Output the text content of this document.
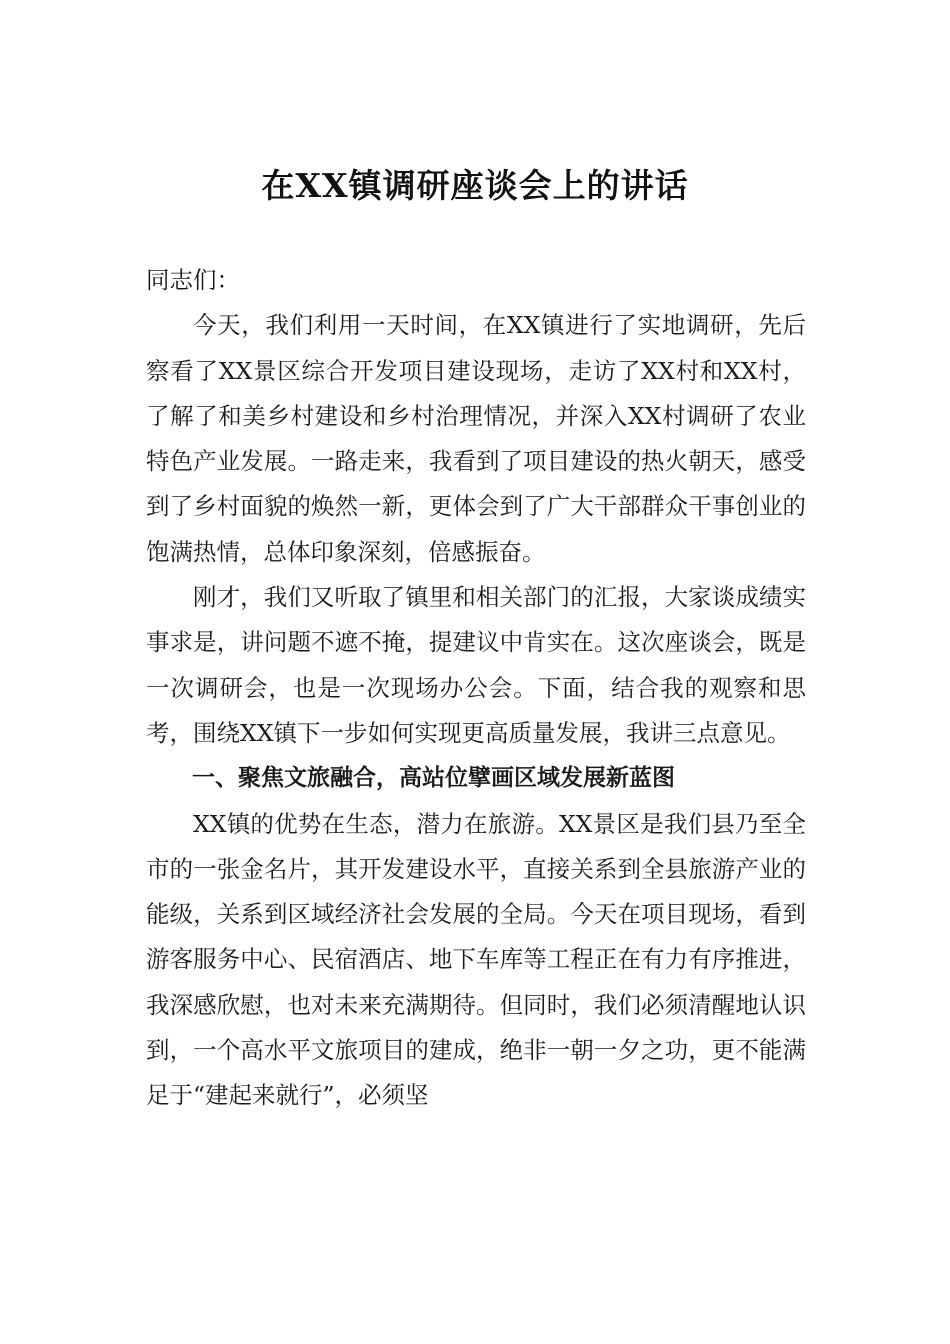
在XX镇调研座谈会上的讲话

同志们：

今天，我们利用一天时间，在XX镇进行了实地调研，先后察看了XX景区综合开发项目建设现场，走访了XX村和XX村，了解了和美乡村建设和乡村治理情况，并深入XX村调研了农业特色产业发展。一路走来，我看到了项目建设的热火朝天，感受到了乡村面貌的焕然一新，更体会到了广大干部群众干事创业的饱满热情，总体印象深刻，倍感振奋。

刚才，我们又听取了镇里和相关部门的汇报，大家谈成绩实事求是，讲问题不遮不掩，提建议中肯实在。这次座谈会，既是一次调研会，也是一次现场办公会。下面，结合我的观察和思考，围绕XX镇下一步如何实现更高质量发展，我讲三点意见。

一、聚焦文旅融合，高站位擘画区域发展新蓝图

XX镇的优势在生态，潜力在旅游。XX景区是我们县乃至全市的一张金名片，其开发建设水平，直接关系到全县旅游产业的能级，关系到区域经济社会发展的全局。今天在项目现场，看到游客服务中心、民宿酒店、地下车库等工程正在有力有序推进，我深感欣慰，也对未来充满期待。但同时，我们必须清醒地认识到，一个高水平文旅项目的建成，绝非一朝一夕之功，更不能满足于“建起来就行”，必须坚
